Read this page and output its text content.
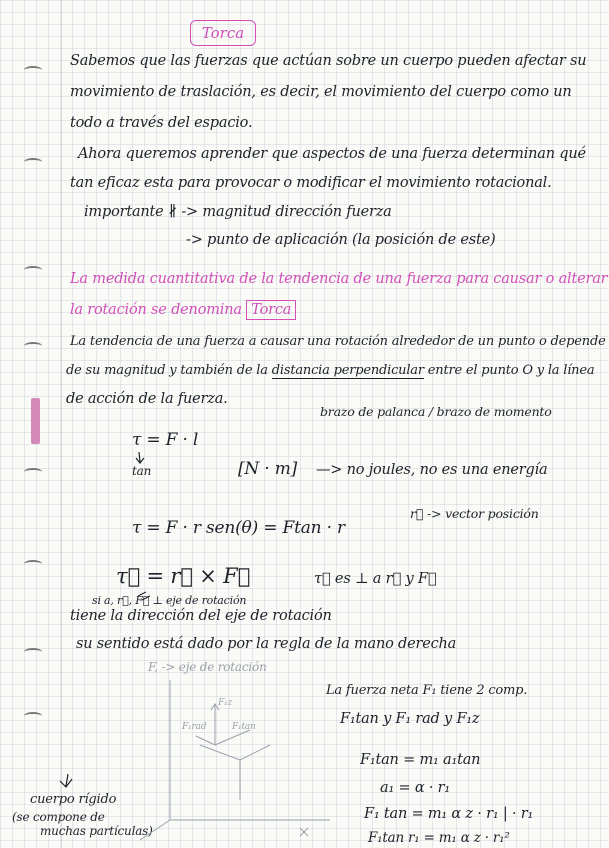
Torca
Sabemos que las fuerzas que actúan sobre un cuerpo pueden afectar su
movimiento de traslación, es decir, el movimiento del cuerpo como un
todo a través del espacio.
Ahora queremos aprender que aspectos de una fuerza determinan qué
tan eficaz esta para provocar o modificar el movimiento rotacional.
importante ∦ -> magnitud dirección fuerza
-> punto de aplicación (la posición de este)
La medida cuantitativa de la tendencia de una fuerza para causar o alterar
la rotación se denomina Torca
La tendencia de una fuerza a causar una rotación alrededor de un punto o depende
de su magnitud y también de la distancia perpendicular entre el punto O y la línea
de acción de la fuerza.
brazo de palanca / brazo de momento
τ = F · l
tan	[N · m] —> no joules, no es una energía
r⃗ -> vector posición
τ = F · r sen(θ) = Ftan · r
τ⃗ = r⃗ × F⃗	τ⃗ es ⊥ a r⃗ y F⃗
si a, r⃗, F⃗ ⊥ eje de rotación
tiene la dirección del eje de rotación
su sentido está dado por la regla de la mano derecha
F, -> eje de rotación
La fuerza neta F₁ tiene 2 comp.
F₁tan y F₁ rad y F₁z
F₁tan = m₁ a₁tan
a₁ = α · r₁
F₁ tan = m₁ α z · r₁ | · r₁
F₁tan r₁ = m₁ α z · r₁²
F₁z
F₁rad	F₁tan
cuerpo rígido
(se compone de
muchas partículas)
